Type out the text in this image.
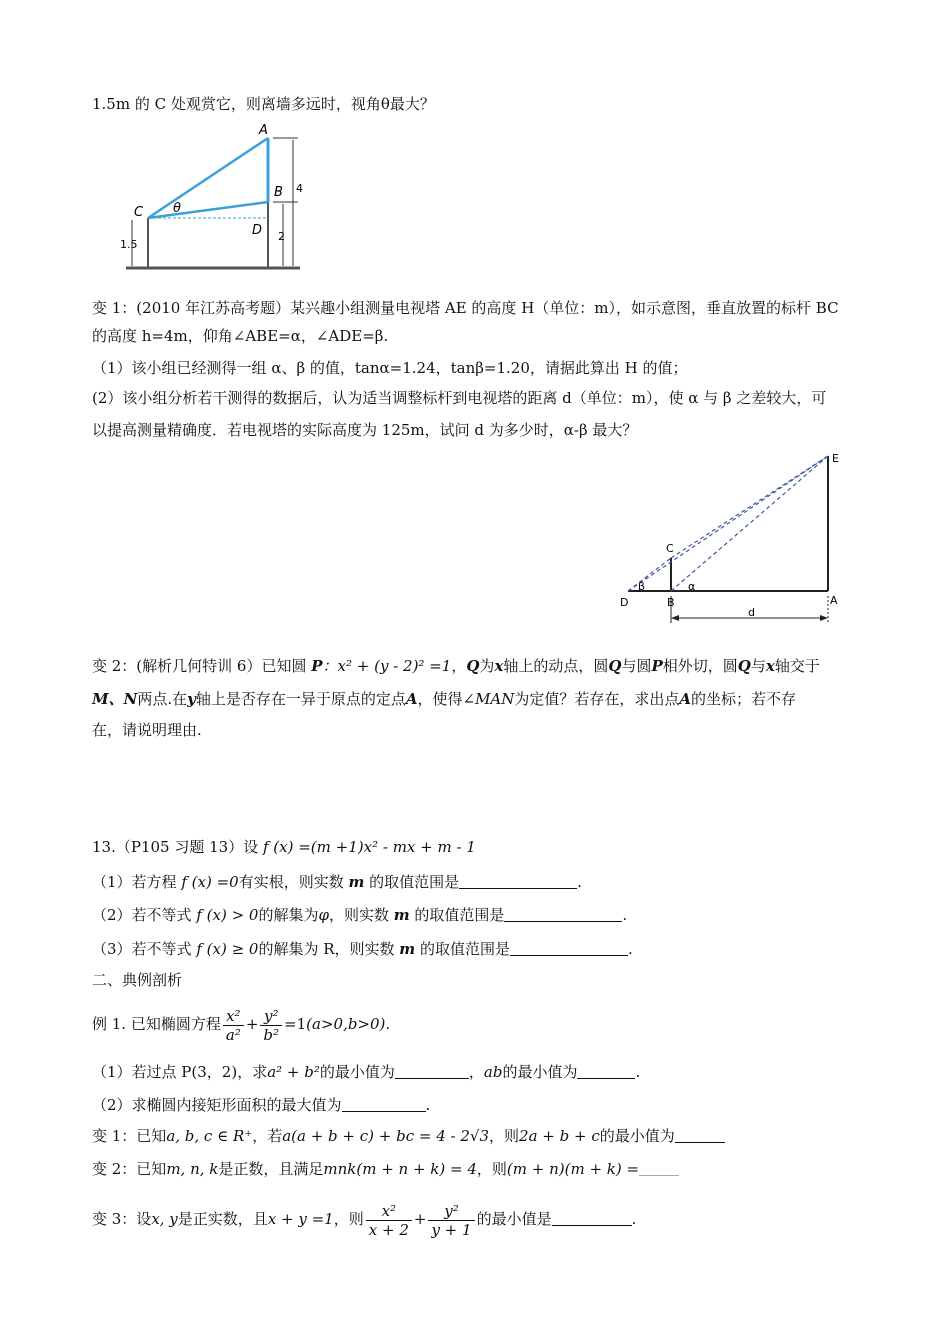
1.5m 的 C 处观赏它，则离墙多远时，视角θ最大？
A
B
C
D
θ
4
2
1.5
变 1：(2010 年江苏高考题）某兴趣小组测量电视塔 AE 的高度 H（单位：m），如示意图，垂直放置的标杆 BC
的高度 h=4m，仰角∠ABE=α，∠ADE=β.
（1）该小组已经测得一组 α、β 的值，tanα=1.24，tanβ=1.20，请据此算出 H 的值；
(2）该小组分析若干测得的数据后，认为适当调整标杆到电视塔的距离 d（单位：m），使 α 与 β 之差较大，可
以提高测量精确度．若电视塔的实际高度为 125m，试问 d 为多少时，α-β 最大？
E
C
D	B	A
β	α
d
变 2：(解析几何特训 6）已知圆 P：x² + (y - 2)² =1，Q为x轴上的动点，圆Q与圆P相外切，圆Q与x轴交于
M、N两点.在y轴上是否存在一异于原点的定点A，使得∠MAN为定值？若存在，求出点A的坐标；若不存
在，请说明理由.
13.（P105 习题 13）设 f (x) =(m +1)x² - mx + m - 1
（1）若方程 f (x) =0有实根，则实数 m 的取值范围是	.
（2）若不等式 f (x) > 0的解集为φ，则实数 m 的取值范围是	.
（3）若不等式 f (x) ≥ 0的解集为 R，则实数 m 的取值范围是	.
二、典例剖析
例 1. 已知椭圆方程 $\frac{\text{x²}}{\text{a²}} + \frac{\text{y²}}{\text{b²}} =1(a>0,b>0)$.
（1）若过点 P(3，2)，求a² + b²的最小值为	，ab的最小值为	.
（2）求椭圆内接矩形面积的最大值为	.
变 1：已知a, b, c ∈ R⁺，若a(a + b + c) + bc = 4 - 2√3，则2a + b + c的最小值为
变 2：已知m, n, k是正数，且满足mnk(m + n + k) = 4，则(m + n)(m + k) =
变 3：设x, y是正实数，且x + y =1，则 $\frac{\text{x²}}{x + 2} + \frac{\text{y²}}{y + 1}$ 的最小值是	.
